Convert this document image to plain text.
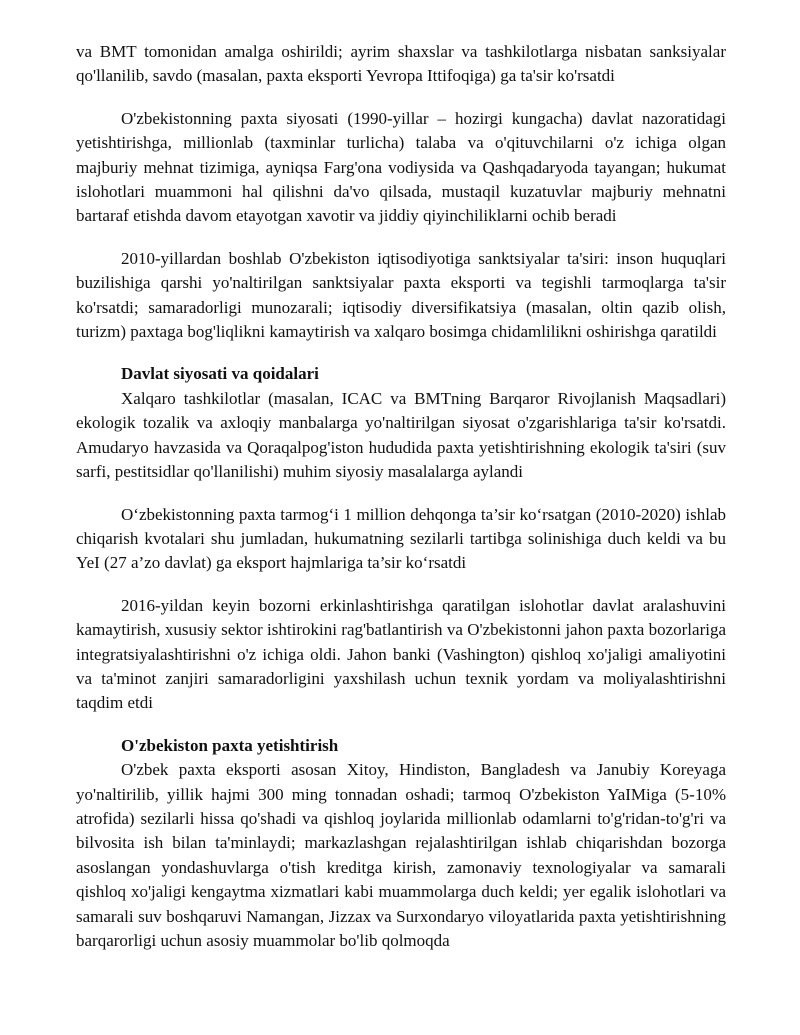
va BMT tomonidan amalga oshirildi; ayrim shaxslar va tashkilotlarga nisbatan sanksiyalar qo'llanilib, savdo (masalan, paxta eksporti Yevropa Ittifoqiga) ga ta'sir ko'rsatdi

O'zbekistonning paxta siyosati (1990-yillar – hozirgi kungacha) davlat nazoratidagi yetishtirishga, millionlab (taxminlar turlicha) talaba va o'qituvchilarni o'z ichiga olgan majburiy mehnat tizimiga, ayniqsa Farg'ona vodiysida va Qashqadaryoda tayangan; hukumat islohotlari muammoni hal qilishni da'vo qilsada, mustaqil kuzatuvlar majburiy mehnatni bartaraf etishda davom etayotgan xavotir va jiddiy qiyinchiliklarni ochib beradi

2010-yillardan boshlab O'zbekiston iqtisodiyotiga sanktsiyalar ta'siri: inson huquqlari buzilishiga qarshi yo'naltirilgan sanktsiyalar paxta eksporti va tegishli tarmoqlarga ta'sir ko'rsatdi; samaradorligi munozarali; iqtisodiy diversifikatsiya (masalan, oltin qazib olish, turizm) paxtaga bog'liqlikni kamaytirish va xalqaro bosimga chidamlilikni oshirishga qaratildi

Davlat siyosati va qoidalari

Xalqaro tashkilotlar (masalan, ICAC va BMTning Barqaror Rivojlanish Maqsadlari) ekologik tozalik va axloqiy manbalarga yo'naltirilgan siyosat o'zgarishlariga ta'sir ko'rsatdi. Amudaryo havzasida va Qoraqalpog'iston hududida paxta yetishtirishning ekologik ta'siri (suv sarfi, pestitsidlar qo'llanilishi) muhim siyosiy masalalarga aylandi

O‘zbekistonning paxta tarmog‘i 1 million dehqonga ta’sir ko‘rsatgan (2010-2020) ishlab chiqarish kvotalari shu jumladan, hukumatning sezilarli tartibga solinishiga duch keldi va bu YeI (27 a’zo davlat) ga eksport hajmlariga ta’sir ko‘rsatdi

2016-yildan keyin bozorni erkinlashtirishga qaratilgan islohotlar davlat aralashuvini kamaytirish, xususiy sektor ishtirokini rag'batlantirish va O'zbekistonni jahon paxta bozorlariga integratsiyalashtirishni o'z ichiga oldi. Jahon banki (Vashington) qishloq xo'jaligi amaliyotini va ta'minot zanjiri samaradorligini yaxshilash uchun texnik yordam va moliyalashtirishni taqdim etdi

O'zbekiston paxta yetishtirish

O'zbek paxta eksporti asosan Xitoy, Hindiston, Bangladesh va Janubiy Koreyaga yo'naltirilib, yillik hajmi 300 ming tonnadan oshadi; tarmoq O'zbekiston YaIMiga (5-10% atrofida) sezilarli hissa qo'shadi va qishloq joylarida millionlab odamlarni to'g'ridan-to'g'ri va bilvosita ish bilan ta'minlaydi; markazlashgan rejalashtirilgan ishlab chiqarishdan bozorga asoslangan yondashuvlarga o'tish kreditga kirish, zamonaviy texnologiyalar va samarali qishloq xo'jaligi kengaytma xizmatlari kabi muammolarga duch keldi; yer egalik islohotlari va samarali suv boshqaruvi Namangan, Jizzax va Surxondaryo viloyatlarida paxta yetishtirishning barqarorligi uchun asosiy muammolar bo'lib qolmoqda
